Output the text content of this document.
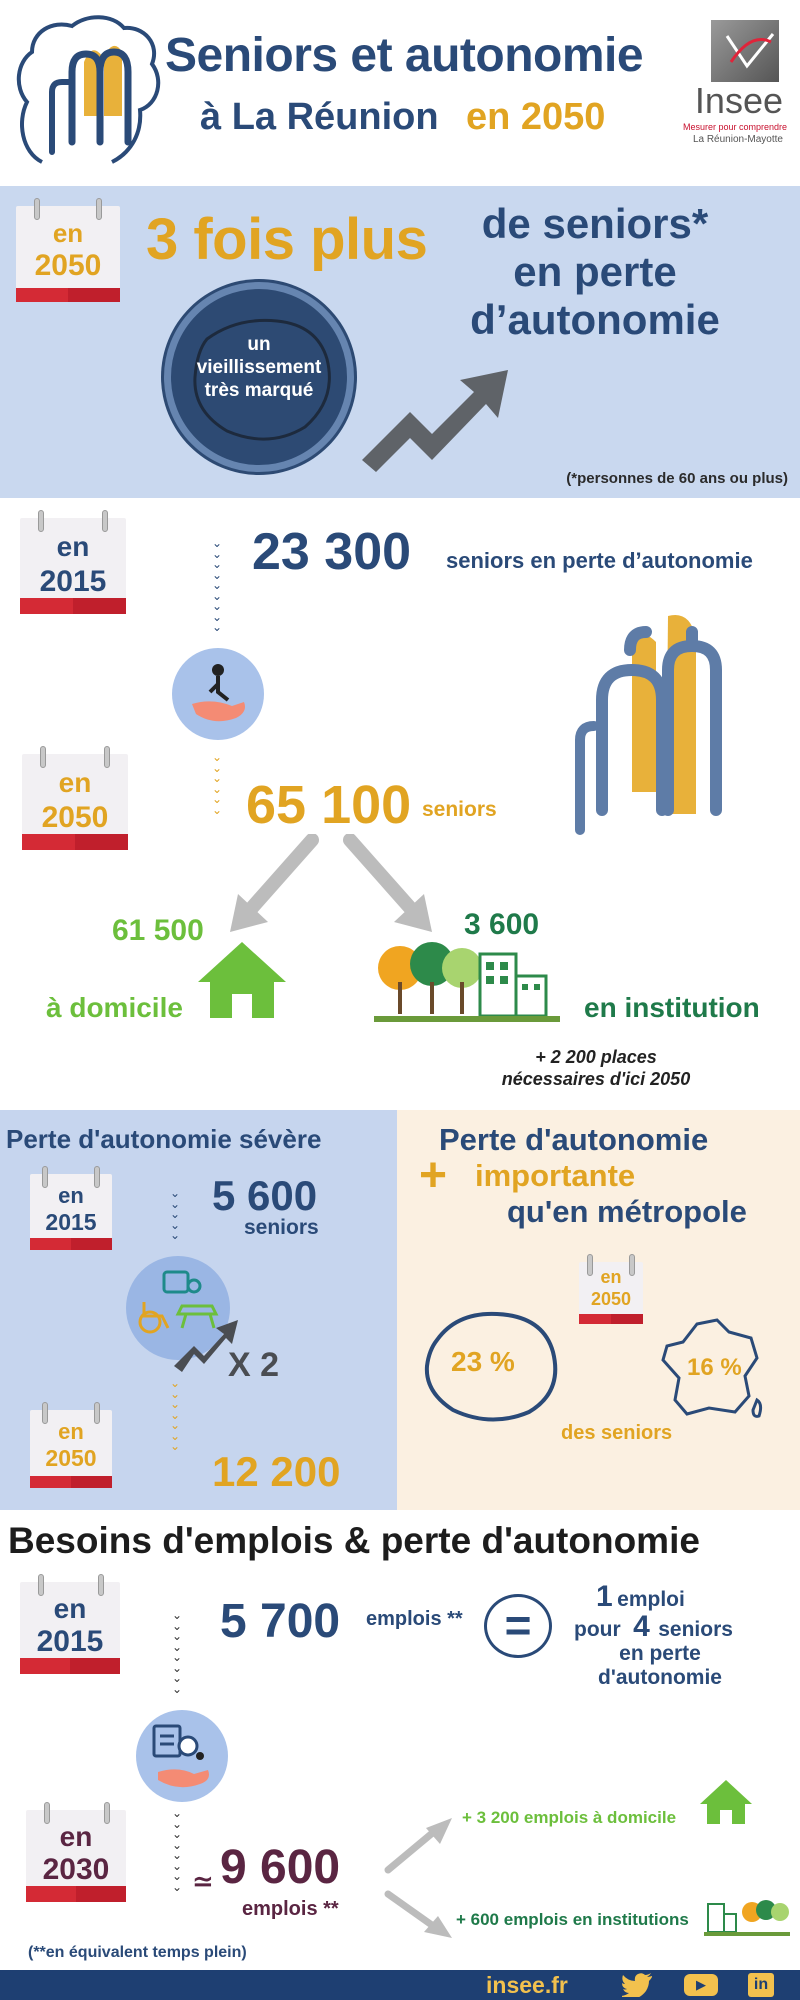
Seniors et autonomie
à La Réunion en 2050	Insee
Mesurer pour comprendre
La Réunion-Mayotte
en
2050 3 fois plus	de seniors*
en perte
d’autonomie
un
vieillissement
très marqué
(*personnes de 60 ans ou plus)
en
2015
⌄
⌄
⌄
⌄
⌄
⌄
⌄
⌄
⌄
23 300 seniors en perte d’autonomie
en
2050
⌄
⌄
⌄
⌄
⌄
⌄ 65 100 seniors
61 500
à domicile
3 600
en institution
+ 2 200 places
nécessaires d'ici 2050
Perte d'autonomie sévère
en
2015
⌄
⌄
⌄
⌄
⌄
5 600
seniors
X 2
en
2050
⌄
⌄
⌄
⌄
⌄
⌄
⌄
12 200
Perte d'autonomie
+ importante
qu'en métropole
en
2050
23 %	16 %
des seniors
Besoins d'emplois & perte d'autonomie
en
2015
⌄
⌄
⌄
⌄
⌄
⌄
⌄
⌄
5 700 emplois ** =
1 emploi
pour 4 seniors
en perte
d'autonomie
en
2030
⌄
⌄
⌄
⌄
⌄
⌄
⌄
⌄ ≃ 9 600
emplois **
+ 3 200 emplois à domicile
+ 600 emplois en institutions
(**en équivalent temps plein)
insee.fr	▶	in
